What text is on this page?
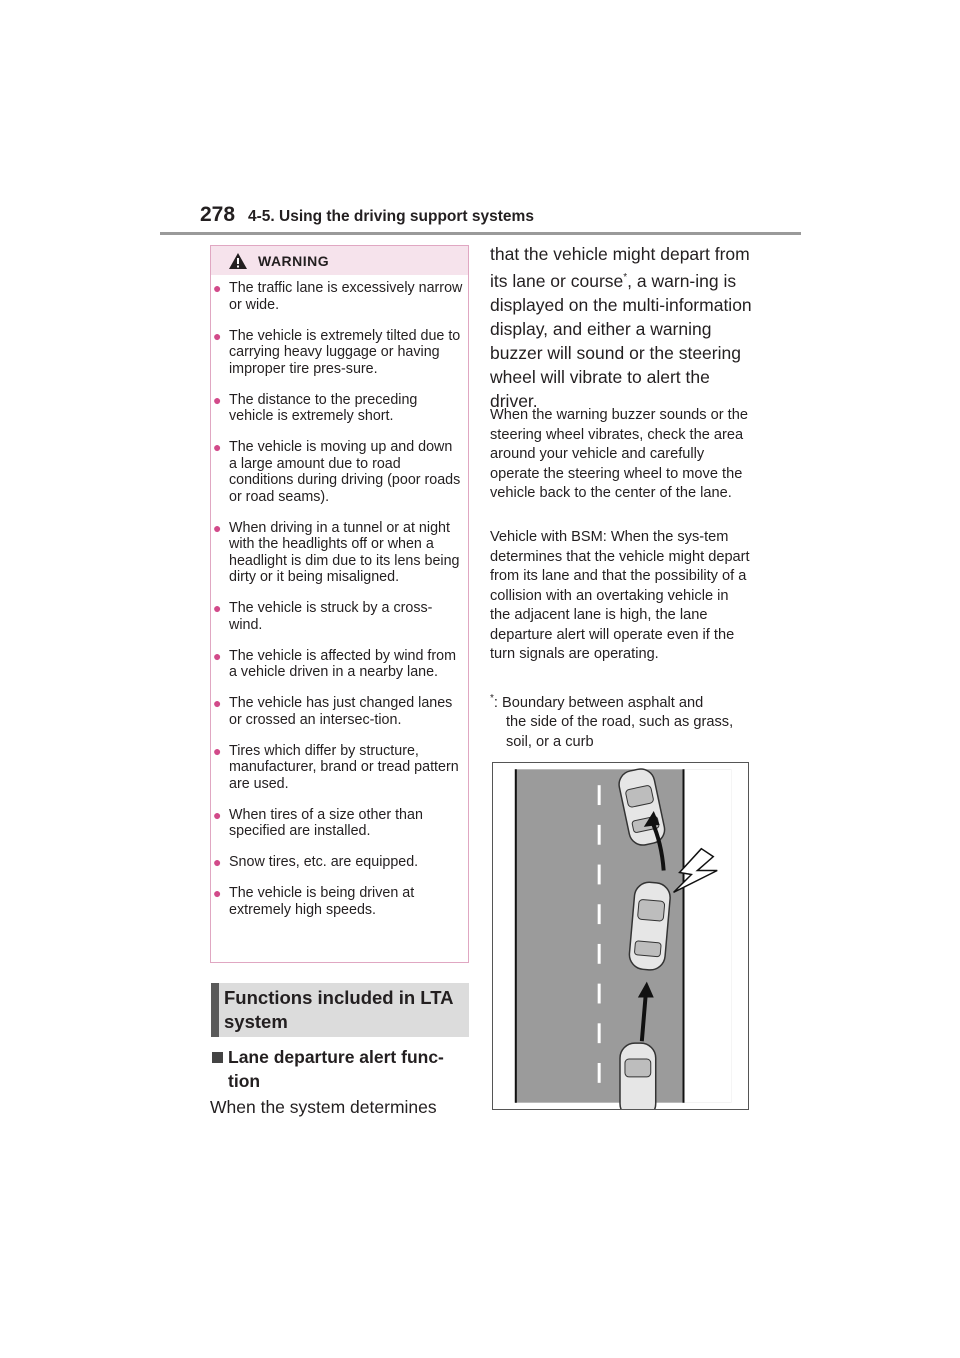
278 4-5. Using the driving support systems
WARNING
● The traffic lane is excessively narrow or wide.
● The vehicle is extremely tilted due to carrying heavy luggage or having improper tire pres-sure.
● The distance to the preceding vehicle is extremely short.
● The vehicle is moving up and down a large amount due to road conditions during driving (poor roads or road seams).
● When driving in a tunnel or at night with the headlights off or when a headlight is dim due to its lens being dirty or it being misaligned.
● The vehicle is struck by a cross-wind.
● The vehicle is affected by wind from a vehicle driven in a nearby lane.
● The vehicle has just changed lanes or crossed an intersec-tion.
● Tires which differ by structure, manufacturer, brand or tread pattern are used.
● When tires of a size other than specified are installed.
● Snow tires, etc. are equipped.
● The vehicle is being driven at extremely high speeds.
Functions included in LTA system
Lane departure alert func-tion
When the system determines
that the vehicle might depart from its lane or course*, a warn-ing is displayed on the multi-information display, and either a warning buzzer will sound or the steering wheel will vibrate to alert the driver.

When the warning buzzer sounds or the steering wheel vibrates, check the area around your vehicle and carefully operate the steering wheel to move the vehicle back to the center of the lane.

Vehicle with BSM: When the sys-tem determines that the vehicle might depart from its lane and that the possibility of a collision with an overtaking vehicle in the adjacent lane is high, the lane departure alert will operate even if the turn signals are operating.

*: Boundary between asphalt and
the side of the road, such as grass, soil, or a curb
